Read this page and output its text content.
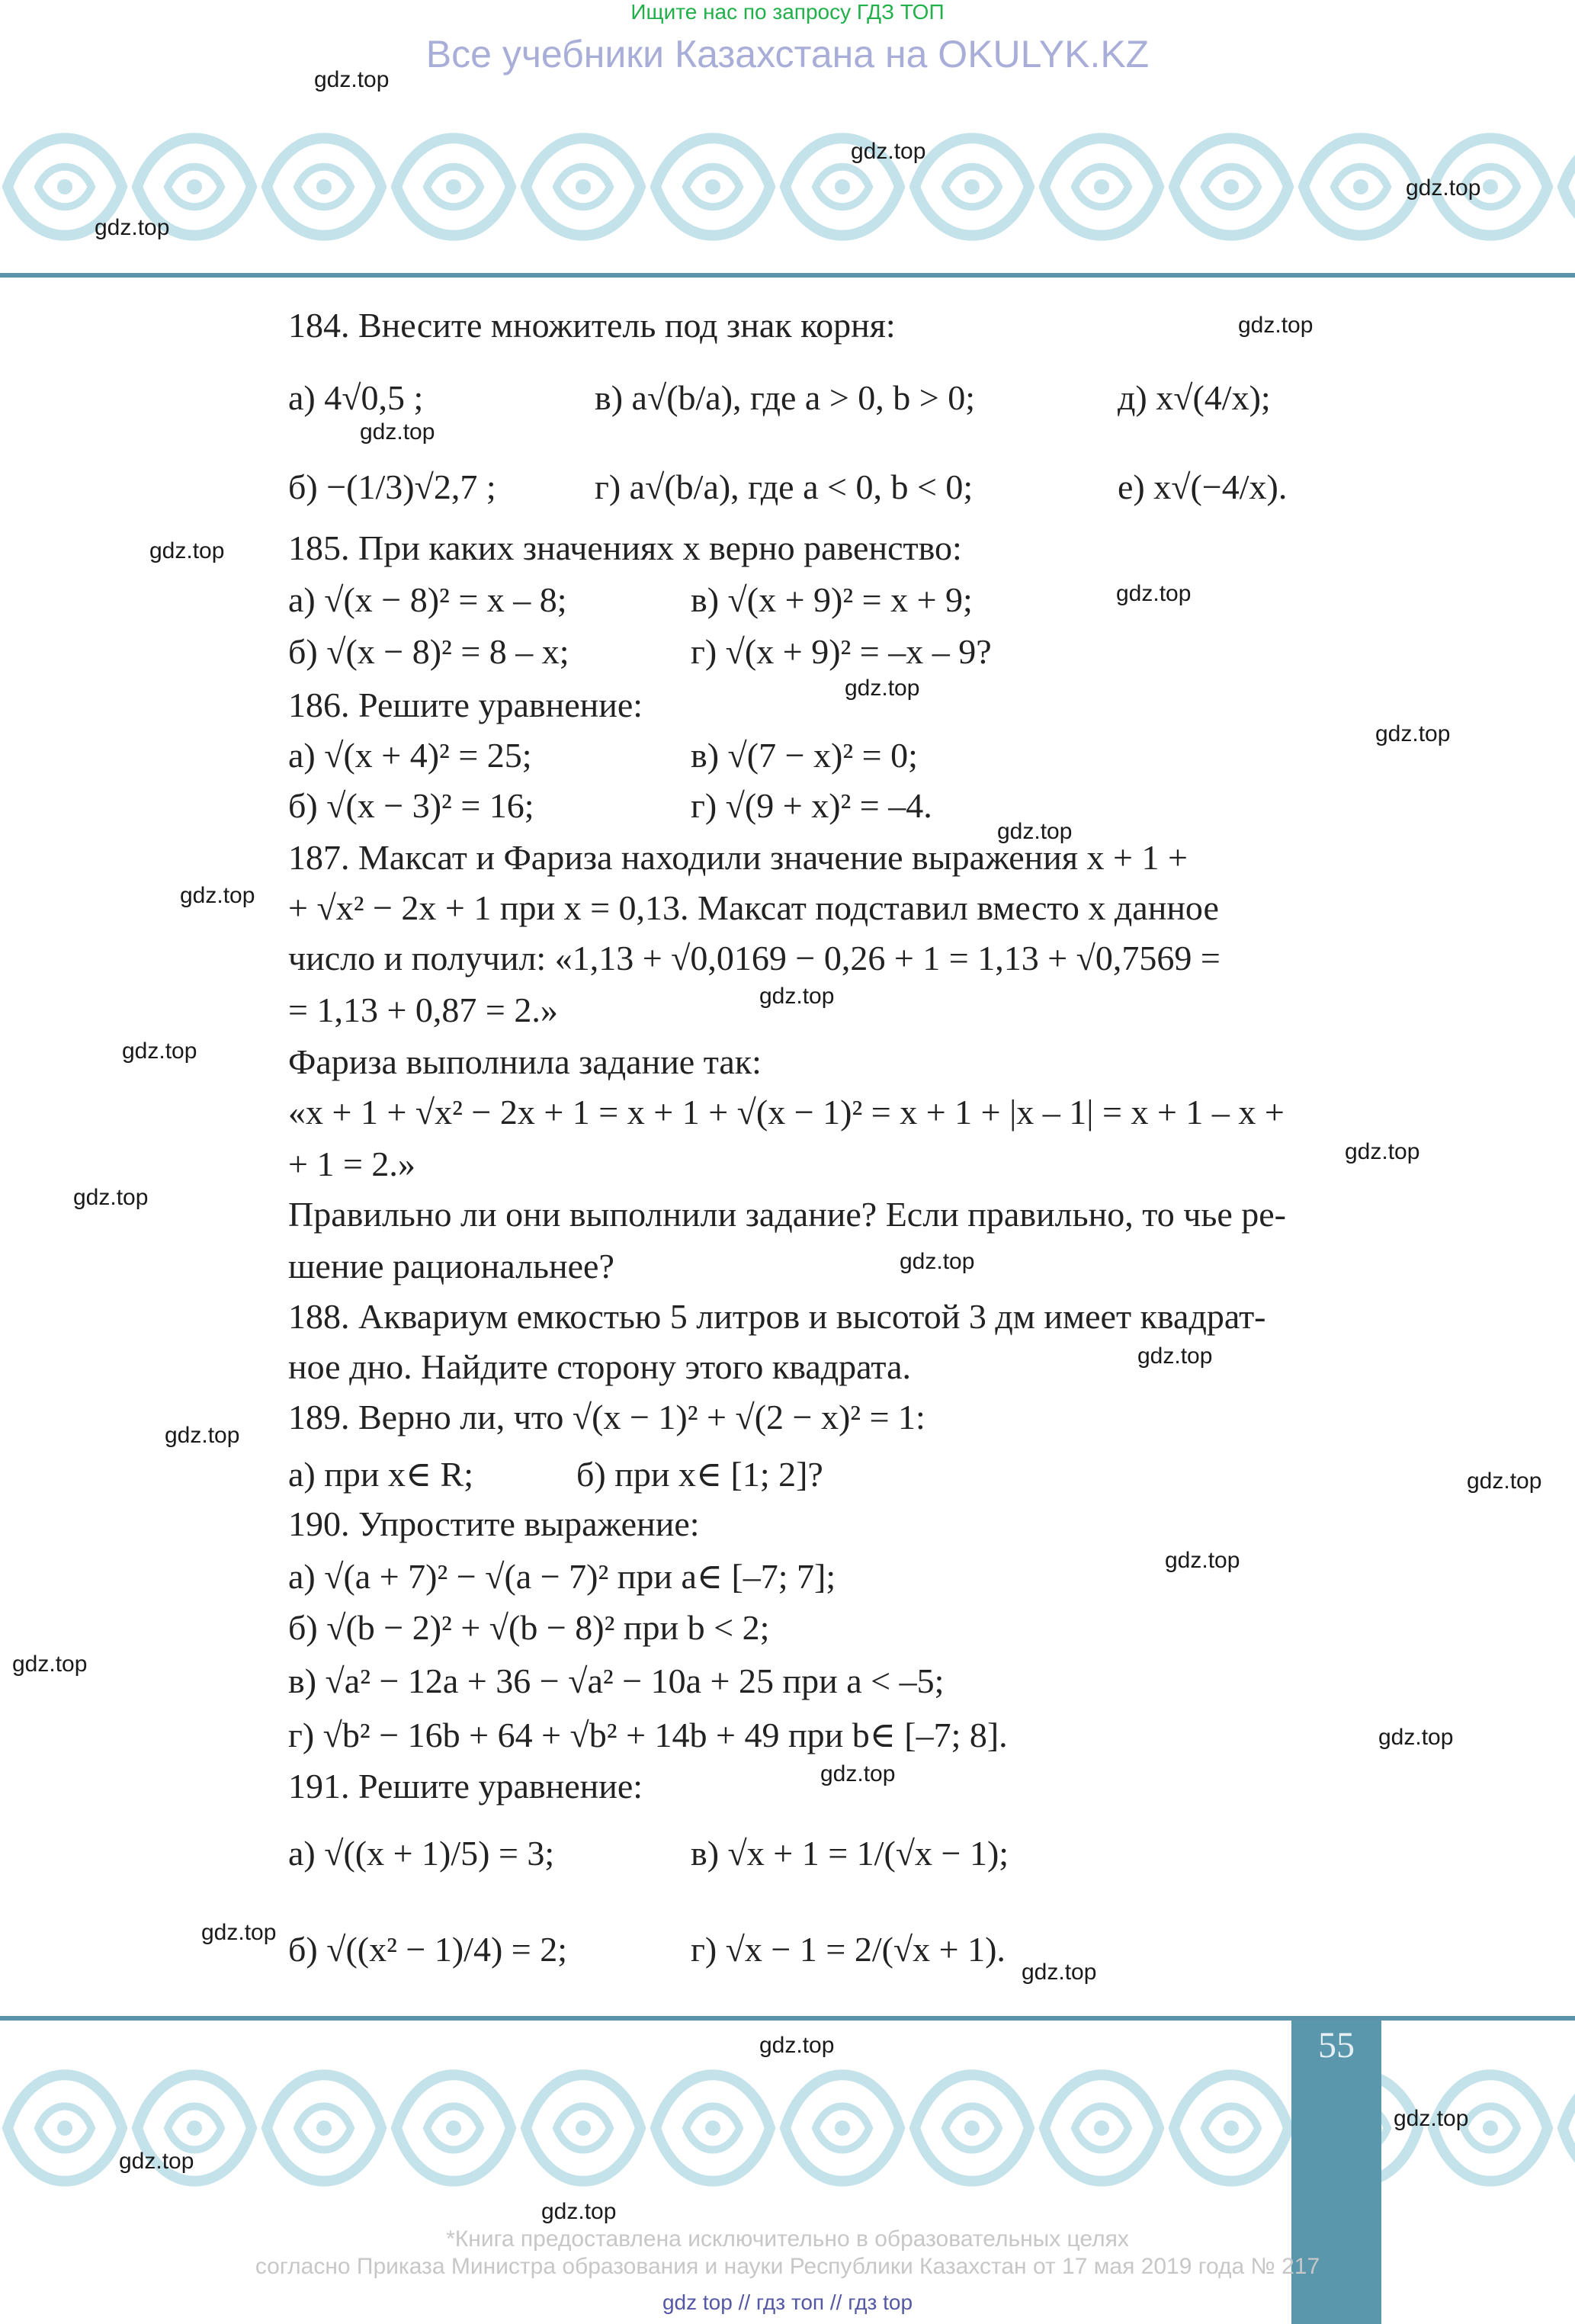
Ищите нас по запросу ГДЗ ТОП
Все учебники Казахстана на OKULYK.KZ
184. Внесите множитель под знак корня:
а) 4√0,5 ;	в) a√(b/a), где a > 0, b > 0;	д) x√(4/x);
б) −(1/3)√2,7 ;	г) a√(b/a), где a < 0, b < 0;	е) x√(−4/x).
185. При каких значениях x верно равенство:
а) √(x − 8)² = x – 8;	в) √(x + 9)² = x + 9;
б) √(x − 8)² = 8 – x;	г) √(x + 9)² = –x – 9?
186. Решите уравнение:
а) √(x + 4)² = 25;	в) √(7 − x)² = 0;
б) √(x − 3)² = 16;	г) √(9 + x)² = –4.
187. Максат и Фариза находили значение выражения x + 1 +
+ √x² − 2x + 1 при x = 0,13. Максат подставил вместо x данное
число и получил: «1,13 + √0,0169 − 0,26 + 1 = 1,13 + √0,7569 =
= 1,13 + 0,87 = 2.»
Фариза выполнила задание так:
«x + 1 + √x² − 2x + 1 = x + 1 + √(x − 1)² = x + 1 + |x – 1| = x + 1 – x +
+ 1 = 2.»
Правильно ли они выполнили задание? Если правильно, то чье ре-
шение рациональнее?
188. Аквариум емкостью 5 литров и высотой 3 дм имеет квадрат-
ное дно. Найдите сторону этого квадрата.
189. Верно ли, что √(x − 1)² + √(2 − x)² = 1:
а) при x∈ R;	б) при x∈ [1; 2]?
190. Упростите выражение:
а) √(a + 7)² − √(a − 7)² при a∈ [–7; 7];
б) √(b − 2)² + √(b − 8)² при b < 2;
в) √a² − 12a + 36 − √a² − 10a + 25 при a < –5;
г) √b² − 16b + 64 + √b² + 14b + 49 при b∈ [–7; 8].
191. Решите уравнение:
а) √((x + 1)/5) = 3;	в) √x + 1 = 1/(√x − 1);
б) √((x² − 1)/4) = 2;	г) √x − 1 = 2/(√x + 1).
55
*Книга предоставлена исключительно в образовательных целях
согласно Приказа Министра образования и науки Республики Казахстан от 17 мая 2019 года № 217
gdz top // гдз топ // гдз top
gdz.top
gdz.top
gdz.top
gdz.top
gdz.top
gdz.top
gdz.top
gdz.top
gdz.top
gdz.top
gdz.top
gdz.top
gdz.top
gdz.top
gdz.top
gdz.top
gdz.top
gdz.top
gdz.top
gdz.top
gdz.top
gdz.top
gdz.top
gdz.top
gdz.top
gdz.top
gdz.top
gdz.top
gdz.top
gdz.top
